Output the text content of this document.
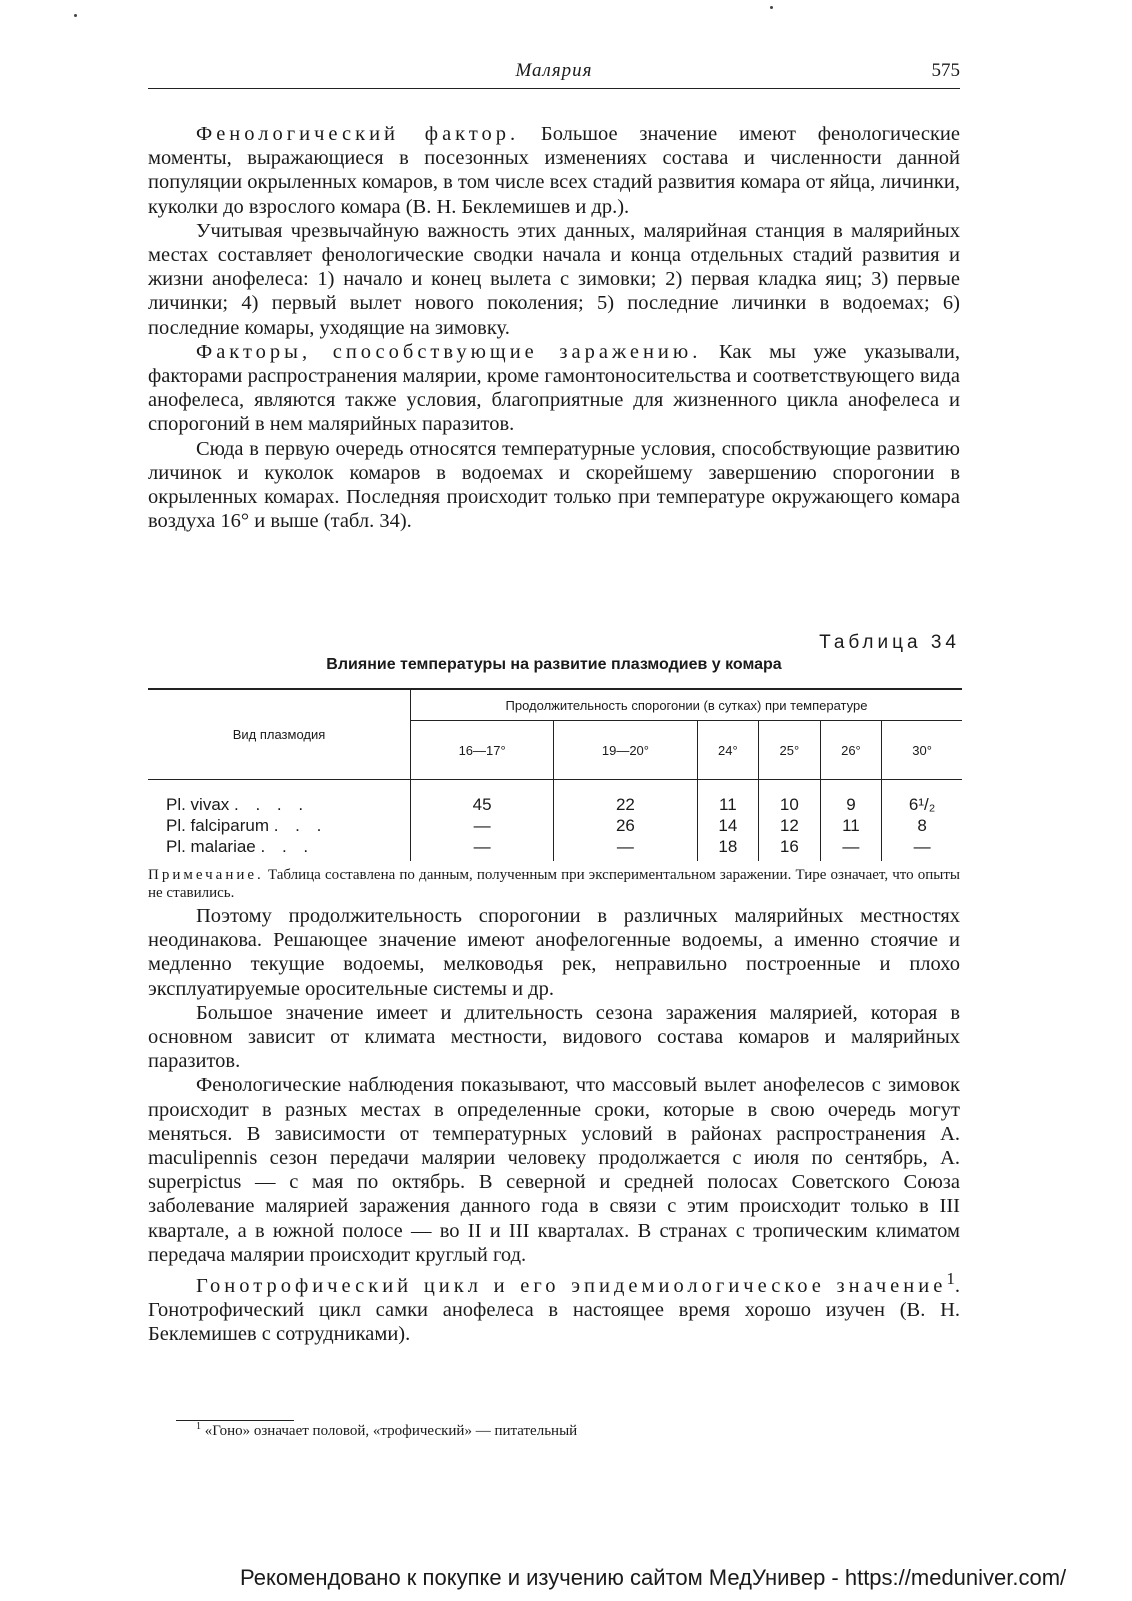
Малярия	575

Фенологический фактор. Большое значение имеют фенологические моменты, выражающиеся в посезонных изменениях состава и численности данной популяции окрыленных комаров, в том числе всех стадий развития комара от яйца, личинки, куколки до взрослого комара (В. Н. Беклемишев и др.).

Учитывая чрезвычайную важность этих данных, малярийная станция в малярийных местах составляет фенологические сводки начала и конца отдельных стадий развития и жизни анофелеса: 1) начало и конец вылета с зимовки; 2) первая кладка яиц; 3) первые личинки; 4) первый вылет нового поколения; 5) последние личинки в водоемах; 6) последние комары, уходящие на зимовку.

Факторы, способствующие заражению. Как мы уже указывали, факторами распространения малярии, кроме гамонтоносительства и соответствующего вида анофелеса, являются также условия, благоприятные для жизненного цикла анофелеса и спорогоний в нем малярийных паразитов.

Сюда в первую очередь относятся температурные условия, способствующие развитию личинок и куколок комаров в водоемах и скорейшему завершению спорогонии в окрыленных комарах. Последняя происходит только при температуре окружающего комара воздуха 16° и выше (табл. 34).

Таблица 34
Влияние температуры на развитие плазмодиев у комара
Вид плазмодия	Продолжительность спорогонии (в сутках) при температуре					
	16—17°	19—20°	24°	25°	26°	30°
Pl. vivax . . . .	45	22	11	10	9	6¹/₂
Pl. falciparum . . .	—	26	14	12	11	8
Pl. malariae . . .	—	—	18	16	—	—
Примечание. Таблица составлена по данным, полученным при экспериментальном заражении. Тире означает, что опыты не ставились.

Поэтому продолжительность спорогонии в различных малярийных местностях неодинакова. Решающее значение имеют анофелогенные водоемы, а именно стоячие и медленно текущие водоемы, мелководья рек, неправильно построенные и плохо эксплуатируемые оросительные системы и др.

Большое значение имеет и длительность сезона заражения малярией, которая в основном зависит от климата местности, видового состава комаров и малярийных паразитов.

Фенологические наблюдения показывают, что массовый вылет анофелесов с зимовок происходит в разных местах в определенные сроки, которые в свою очередь могут меняться. В зависимости от температурных условий в районах распространения A. maculipennis сезон передачи малярии человеку продолжается с июля по сентябрь, A. superpictus — с мая по октябрь. В северной и средней полосах Советского Союза заболевание малярией заражения данного года в связи с этим происходит только в III квартале, а в южной полосе — во II и III кварталах. В странах с тропическим климатом передача малярии происходит круглый год.

Гонотрофический цикл и его эпидемиологическое значение$^1$. Гонотрофический цикл самки анофелеса в настоящее время хорошо изучен (В. Н. Беклемишев с сотрудниками).

$^1$ «Гоно» означает половой, «трофический» — питательный
Рекомендовано к покупке и изучению сайтом МедУнивер - https://meduniver.com/
